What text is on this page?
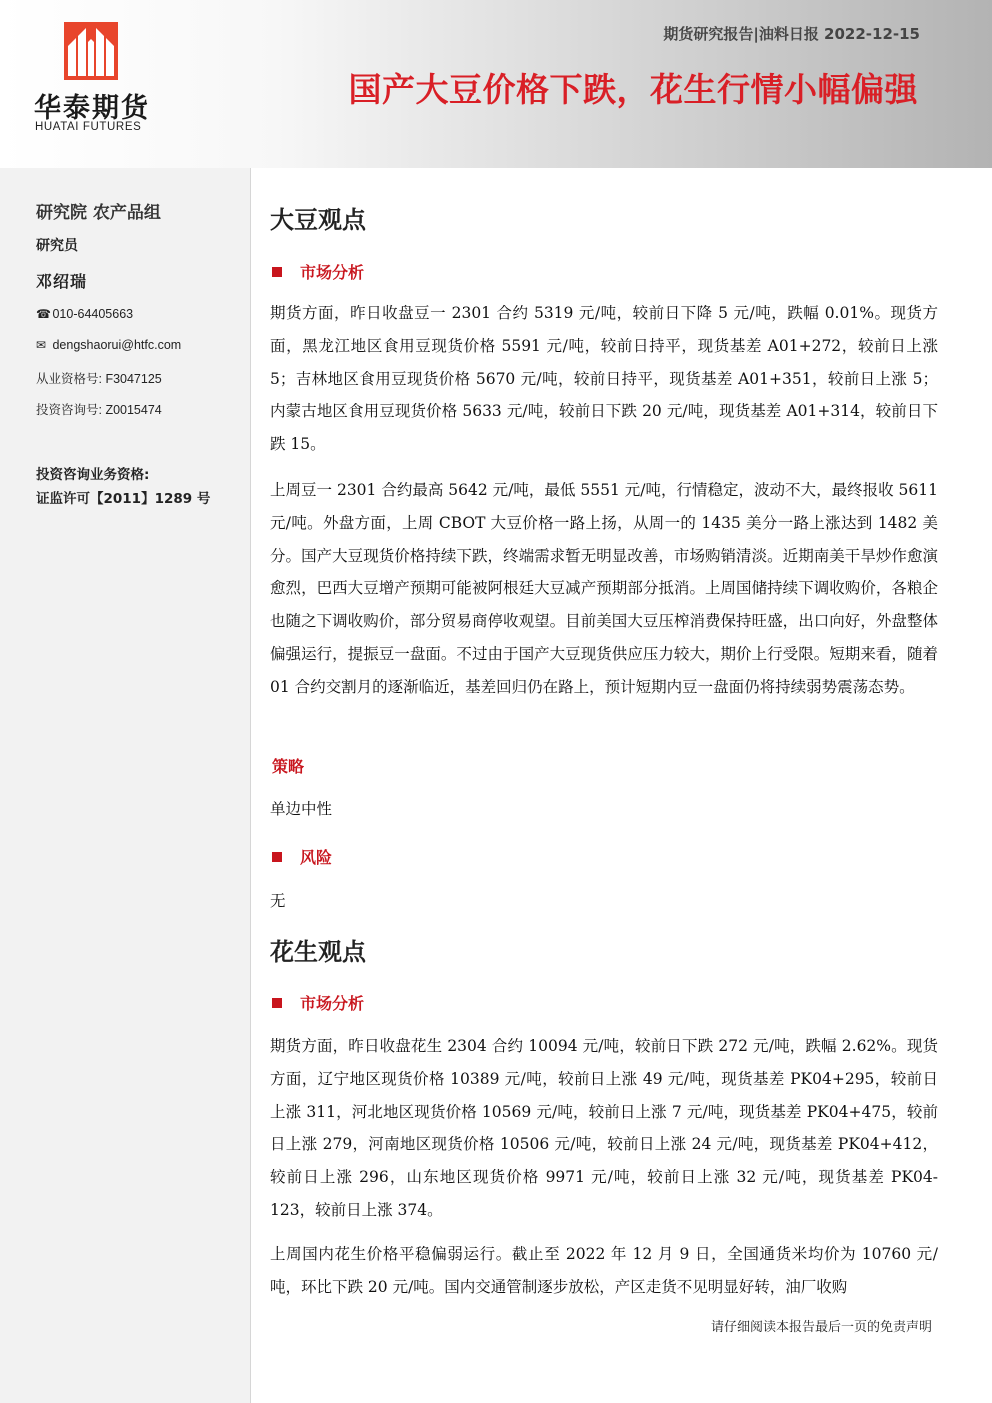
华泰期货
HUATAI FUTURES
期货研究报告|油料日报 2022-12-15
国产大豆价格下跌，花生行情小幅偏强
研究院 农产品组
研究员
邓绍瑞
☎ 010-64405663
✉ dengshaorui@htfc.com
从业资格号: F3047125
投资咨询号: Z0015474
投资咨询业务资格:
证监许可【2011】1289 号
大豆观点
市场分析

期货方面，昨日收盘豆一 2301 合约 5319 元/吨，较前日下降 5 元/吨，跌幅 0.01%。现货方面，黑龙江地区食用豆现货价格 5591 元/吨，较前日持平，现货基差 A01+272，较前日上涨 5；吉林地区食用豆现货价格 5670 元/吨，较前日持平，现货基差 A01+351，较前日上涨 5；内蒙古地区食用豆现货价格 5633 元/吨，较前日下跌 20 元/吨，现货基差 A01+314，较前日下跌 15。

上周豆一 2301 合约最高 5642 元/吨，最低 5551 元/吨，行情稳定，波动不大，最终报收 5611 元/吨。外盘方面，上周 CBOT 大豆价格一路上扬，从周一的 1435 美分一路上涨达到 1482 美分。国产大豆现货价格持续下跌，终端需求暂无明显改善，市场购销清淡。近期南美干旱炒作愈演愈烈，巴西大豆增产预期可能被阿根廷大豆减产预期部分抵消。上周国储持续下调收购价，各粮企也随之下调收购价，部分贸易商停收观望。目前美国大豆压榨消费保持旺盛，出口向好，外盘整体偏强运行，提振豆一盘面。不过由于国产大豆现货供应压力较大，期价上行受限。短期来看，随着 01 合约交割月的逐渐临近，基差回归仍在路上，预计短期内豆一盘面仍将持续弱势震荡态势。

策略
单边中性
风险
无
花生观点
市场分析

期货方面，昨日收盘花生 2304 合约 10094 元/吨，较前日下跌 272 元/吨，跌幅 2.62%。现货方面，辽宁地区现货价格 10389 元/吨，较前日上涨 49 元/吨，现货基差 PK04+295，较前日上涨 311，河北地区现货价格 10569 元/吨，较前日上涨 7 元/吨，现货基差 PK04+475，较前日上涨 279，河南地区现货价格 10506 元/吨，较前日上涨 24 元/吨，现货基差 PK04+412，较前日上涨 296，山东地区现货价格 9971 元/吨，较前日上涨 32 元/吨，现货基差 PK04-123，较前日上涨 374。

上周国内花生价格平稳偏弱运行。截止至 2022 年 12 月 9 日，全国通货米均价为 10760 元/吨，环比下跌 20 元/吨。国内交通管制逐步放松，产区走货不见明显好转，油厂收购

请仔细阅读本报告最后一页的免责声明
